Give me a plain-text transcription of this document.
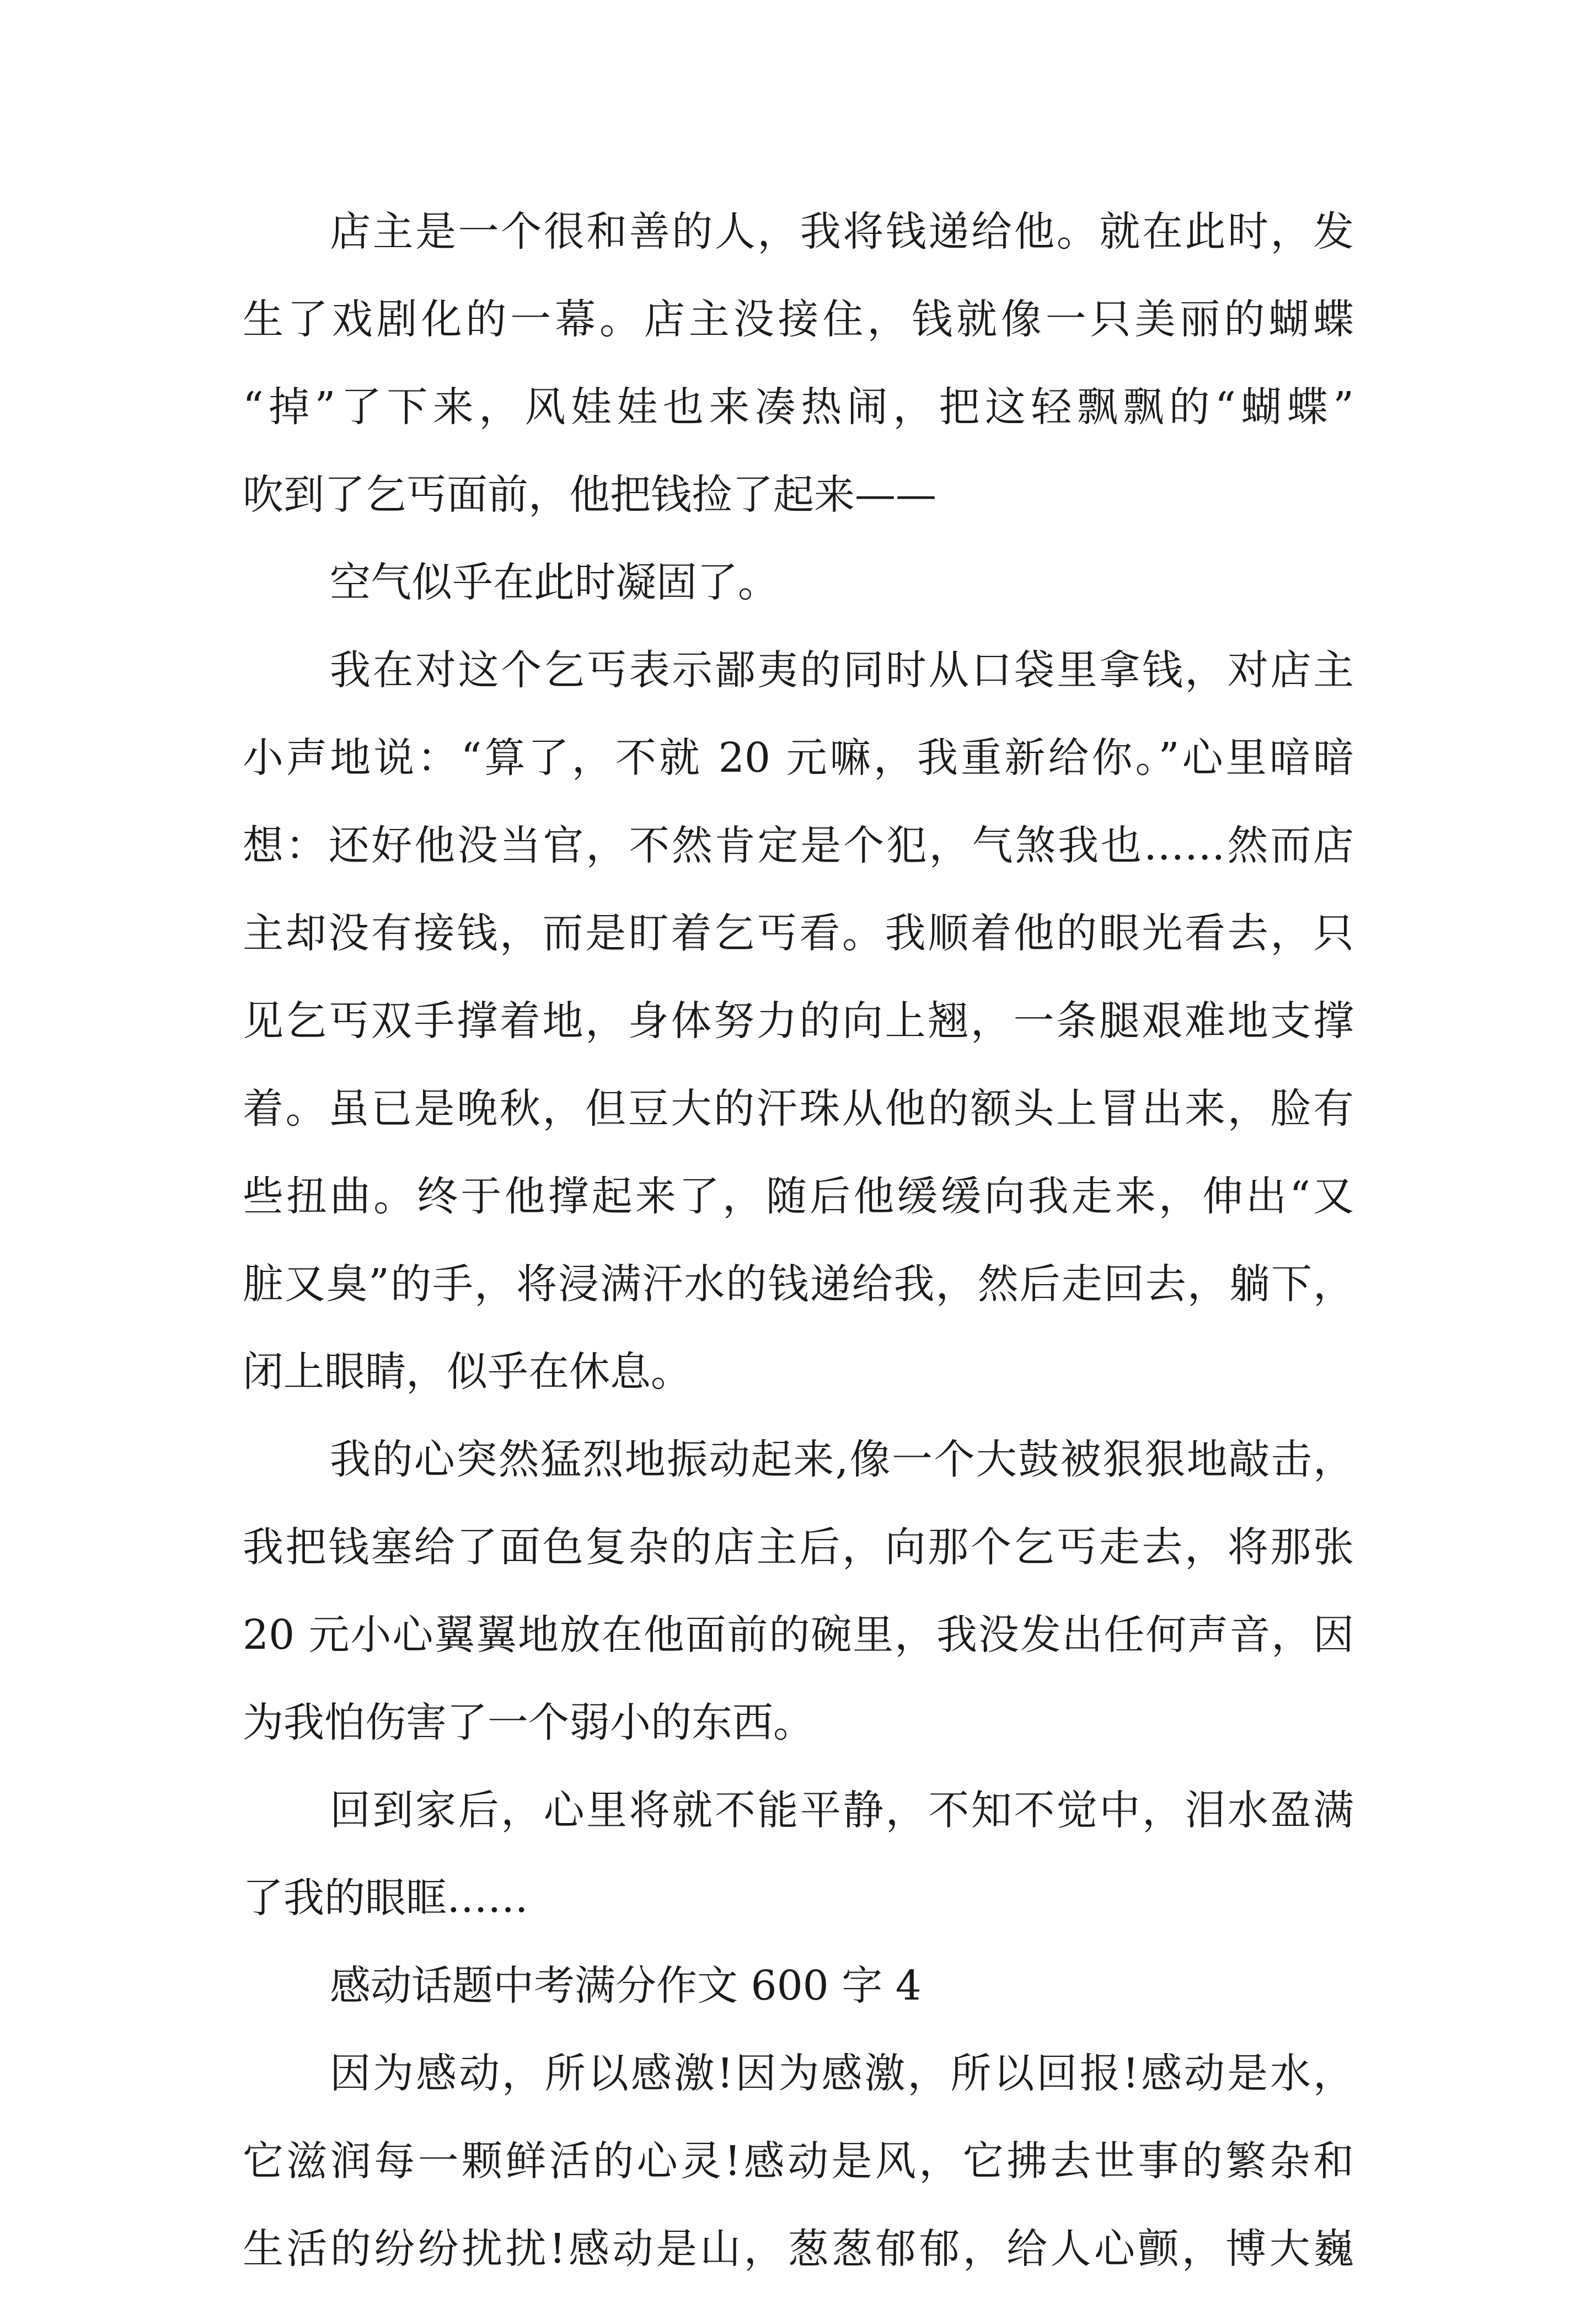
店主是一个很和善的人，我将钱递给他。就在此时，发
生了戏剧化的一幕。店主没接住，钱就像一只美丽的蝴蝶
“掉”了下来，风娃娃也来凑热闹，把这轻飘飘的“蝴蝶”
吹到了乞丐面前，他把钱捡了起来——
空气似乎在此时凝固了。
我在对这个乞丐表示鄙夷的同时从口袋里拿钱，对店主
小声地说：“算了，不就 20 元嘛，我重新给你。”心里暗暗
想：还好他没当官，不然肯定是个犯，气煞我也……然而店
主却没有接钱，而是盯着乞丐看。我顺着他的眼光看去，只
见乞丐双手撑着地，身体努力的向上翘，一条腿艰难地支撑
着。虽已是晚秋，但豆大的汗珠从他的额头上冒出来，脸有
些扭曲。终于他撑起来了，随后他缓缓向我走来，伸出“又
脏又臭”的手，将浸满汗水的钱递给我，然后走回去，躺下，
闭上眼睛，似乎在休息。
我的心突然猛烈地振动起来,像一个大鼓被狠狠地敲击，
我把钱塞给了面色复杂的店主后，向那个乞丐走去，将那张
20 元小心翼翼地放在他面前的碗里，我没发出任何声音，因
为我怕伤害了一个弱小的东西。
回到家后，心里将就不能平静，不知不觉中，泪水盈满
了我的眼眶……
感动话题中考满分作文 600 字 4
因为感动，所以感激!因为感激，所以回报!感动是水，
它滋润每一颗鲜活的心灵!感动是风，它拂去世事的繁杂和
生活的纷纷扰扰!感动是山，葱葱郁郁，给人心颤，博大巍
